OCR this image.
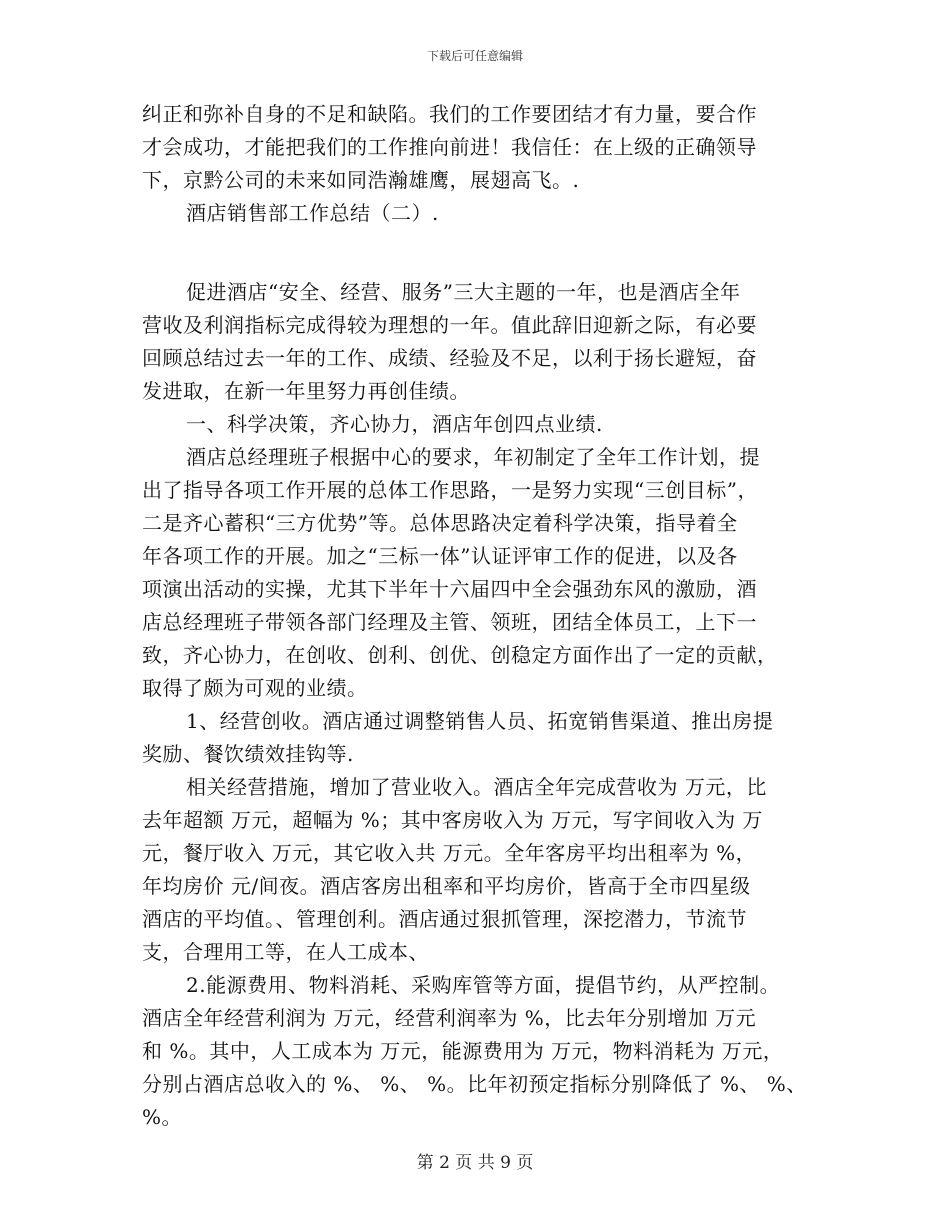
下载后可任意编辑
纠正和弥补自身的不足和缺陷。我们的工作要团结才有力量，要合作
才会成功，才能把我们的工作推向前进！我信任：在上级的正确领导
下，京黔公司的未来如同浩瀚雄鹰，展翅高飞。.
酒店销售部工作总结（二）.
促进酒店“安全、经营、服务”三大主题的一年，也是酒店全年
营收及利润指标完成得较为理想的一年。值此辞旧迎新之际，有必要
回顾总结过去一年的工作、成绩、经验及不足，以利于扬长避短，奋
发进取，在新一年里努力再创佳绩。
一、科学决策，齐心协力，酒店年创四点业绩.
酒店总经理班子根据中心的要求，年初制定了全年工作计划，提
出了指导各项工作开展的总体工作思路，一是努力实现“三创目标”，
二是齐心蓄积“三方优势”等。总体思路决定着科学决策，指导着全
年各项工作的开展。加之“三标一体”认证评审工作的促进，以及各
项演出活动的实操，尤其下半年十六届四中全会强劲东风的激励，酒
店总经理班子带领各部门经理及主管、领班，团结全体员工，上下一
致，齐心协力，在创收、创利、创优、创稳定方面作出了一定的贡献，
取得了颇为可观的业绩。
1、经营创收。酒店通过调整销售人员、拓宽销售渠道、推出房提
奖励、餐饮绩效挂钩等.
相关经营措施，增加了营业收入。酒店全年完成营收为 万元，比
去年超额 万元，超幅为 %；其中客房收入为 万元，写字间收入为 万
元，餐厅收入 万元，其它收入共 万元。全年客房平均出租率为 %，
年均房价 元/间夜。酒店客房出租率和平均房价，皆高于全市四星级
酒店的平均值。、管理创利。酒店通过狠抓管理，深挖潜力，节流节
支，合理用工等，在人工成本、
2.能源费用、物料消耗、采购库管等方面，提倡节约，从严控制。
酒店全年经营利润为 万元，经营利润率为 %，比去年分别增加 万元
和 %。其中，人工成本为 万元，能源费用为 万元，物料消耗为 万元，
分别占酒店总收入的 %、 %、 %。比年初预定指标分别降低了 %、 %、
%。
第 2 页 共 9 页
